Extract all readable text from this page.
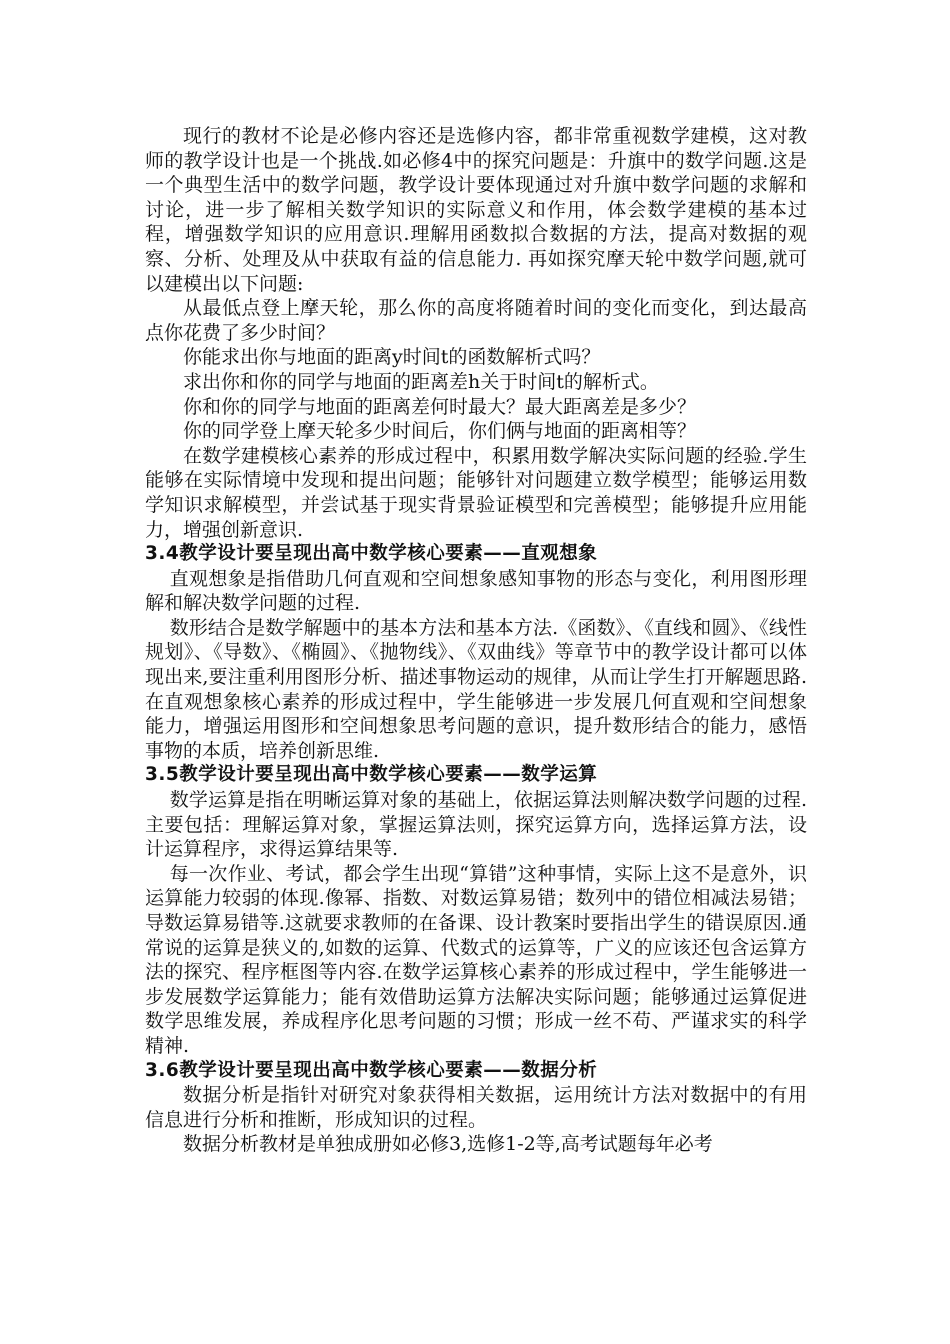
现行的教材不论是必修内容还是选修内容，都非常重视数学建模，这对教师的教学设计也是一个挑战.如必修4中的探究问题是：升旗中的数学问题.这是一个典型生活中的数学问题，教学设计要体现通过对升旗中数学问题的求解和讨论，进一步了解相关数学知识的实际意义和作用，体会数学建模的基本过程，增强数学知识的应用意识.理解用函数拟合数据的方法，提高对数据的观察、分析、处理及从中获取有益的信息能力. 再如探究摩天轮中数学问题,就可以建模出以下问题:

从最低点登上摩天轮，那么你的高度将随着时间的变化而变化，到达最高点你花费了多少时间？

你能求出你与地面的距离y时间t的函数解析式吗？

求出你和你的同学与地面的距离差h关于时间t的解析式。

你和你的同学与地面的距离差何时最大？最大距离差是多少？

你的同学登上摩天轮多少时间后，你们俩与地面的距离相等？

在数学建模核心素养的形成过程中，积累用数学解决实际问题的经验.学生能够在实际情境中发现和提出问题；能够针对问题建立数学模型；能够运用数学知识求解模型，并尝试基于现实背景验证模型和完善模型；能够提升应用能力，增强创新意识.

3.4教学设计要呈现出高中数学核心要素——直观想象

直观想象是指借助几何直观和空间想象感知事物的形态与变化，利用图形理解和解决数学问题的过程.

数形结合是数学解题中的基本方法和基本方法.《函数》、《直线和圆》、《线性规划》、《导数》、《椭圆》、《抛物线》、《双曲线》等章节中的教学设计都可以体现出来,要注重利用图形分析、描述事物运动的规律，从而让学生打开解题思路. 在直观想象核心素养的形成过程中，学生能够进一步发展几何直观和空间想象能力，增强运用图形和空间想象思考问题的意识，提升数形结合的能力，感悟事物的本质，培养创新思维.

3.5教学设计要呈现出高中数学核心要素——数学运算

数学运算是指在明晰运算对象的基础上，依据运算法则解决数学问题的过程.主要包括：理解运算对象，掌握运算法则，探究运算方向，选择运算方法，设计运算程序，求得运算结果等.

每一次作业、考试，都会学生出现“算错”这种事情，实际上这不是意外，识运算能力较弱的体现.像幂、指数、对数运算易错；数列中的错位相减法易错；导数运算易错等.这就要求教师的在备课、设计教案时要指出学生的错误原因.通常说的运算是狭义的,如数的运算、代数式的运算等，广义的应该还包含运算方法的探究、程序框图等内容.在数学运算核心素养的形成过程中，学生能够进一步发展数学运算能力；能有效借助运算方法解决实际问题；能够通过运算促进数学思维发展，养成程序化思考问题的习惯；形成一丝不苟、严谨求实的科学精神.

3.6教学设计要呈现出高中数学核心要素——数据分析

数据分析是指针对研究对象获得相关数据，运用统计方法对数据中的有用信息进行分析和推断，形成知识的过程。

数据分析教材是单独成册如必修3,选修1-2等,高考试题每年必考
